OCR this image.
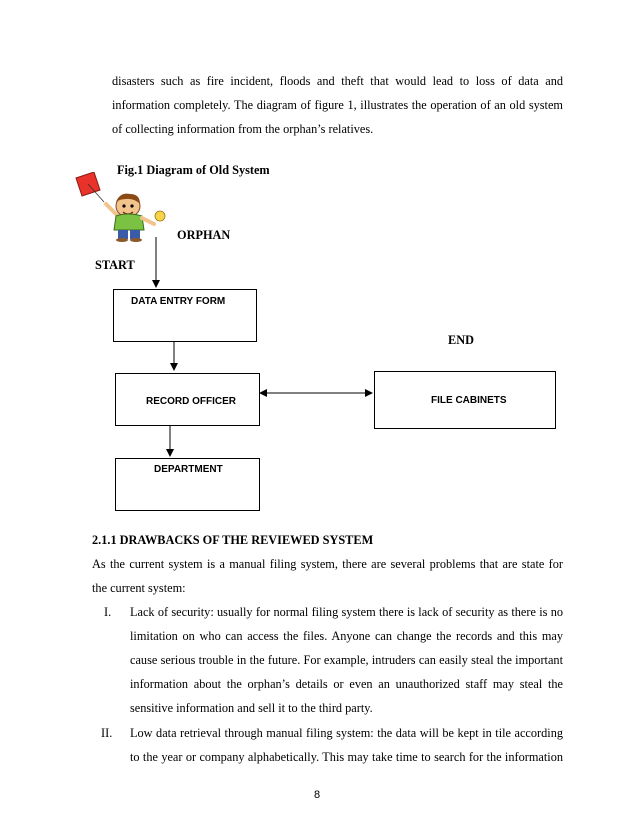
disasters such as fire incident, floods and theft that would lead to loss of data and
information completely. The diagram of figure 1, illustrates the operation of an old system
of collecting information from the orphan’s relatives.
Fig.1 Diagram of Old System
ORPHAN
START
END
DATA ENTRY FORM
RECORD OFFICER	FILE CABINETS
DEPARTMENT
2.1.1 DRAWBACKS OF THE REVIEWED SYSTEM
As the current system is a manual filing system, there are several problems that are state for
the current system:
I. Lack of security: usually for normal filing system there is lack of security as there is no
limitation on who can access the files. Anyone can change the records and this may
cause serious trouble in the future. For example, intruders can easily steal the important
information about the orphan’s details or even an unauthorized staff may steal the
sensitive information and sell it to the third party.
II. Low data retrieval through manual filing system: the data will be kept in tile according
to the year or company alphabetically. This may take time to search for the information
8
